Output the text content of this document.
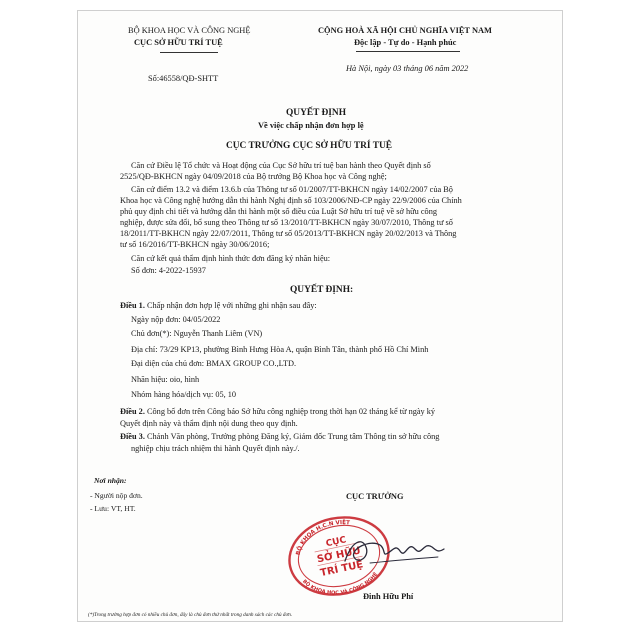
BỘ KHOA HỌC VÀ CÔNG NGHỆ
CỤC SỞ HỮU TRÍ TUỆ
Số:46558/QĐ-SHTT
CỘNG HOÀ XÃ HỘI CHỦ NGHĨA VIỆT NAM
Độc lập - Tự do - Hạnh phúc
Hà Nội, ngày 03 tháng 06 năm 2022
QUYẾT ĐỊNH
Về việc chấp nhận đơn hợp lệ
CỤC TRƯỞNG CỤC SỞ HỮU TRÍ TUỆ
Căn cứ Điều lệ Tổ chức và Hoạt động của Cục Sở hữu trí tuệ ban hành theo Quyết định số
2525/QĐ-BKHCN ngày 04/09/2018 của Bộ trưởng Bộ Khoa học và Công nghệ;
Căn cứ điểm 13.2 và điểm 13.6.b của Thông tư số 01/2007/TT-BKHCN ngày 14/02/2007 của Bộ
Khoa học và Công nghệ hướng dẫn thi hành Nghị định số 103/2006/NĐ-CP ngày 22/9/2006 của Chính
phủ quy định chi tiết và hướng dẫn thi hành một số điều của Luật Sở hữu trí tuệ về sở hữu công
nghiệp, được sửa đổi, bổ sung theo Thông tư số 13/2010/TT-BKHCN ngày 30/07/2010, Thông tư số
18/2011/TT-BKHCN ngày 22/07/2011, Thông tư số 05/2013/TT-BKHCN ngày 20/02/2013 và Thông
tư số 16/2016/TT-BKHCN ngày 30/06/2016;
Căn cứ kết quả thẩm định hình thức đơn đăng ký nhãn hiệu:
Số đơn: 4-2022-15937
QUYẾT ĐỊNH:
Điều 1. Chấp nhận đơn hợp lệ với những ghi nhận sau đây:
Ngày nộp đơn: 04/05/2022
Chủ đơn(*): Nguyễn Thanh Liêm (VN)
Địa chỉ: 73/29 KP13, phường Bình Hưng Hòa A, quận Bình Tân, thành phố Hồ Chí Minh
Đại diện của chủ đơn: BMAX GROUP CO.,LTD.
Nhãn hiệu: oio, hình
Nhóm hàng hóa/dịch vụ: 05, 10
Điều 2. Công bố đơn trên Công báo Sở hữu công nghiệp trong thời hạn 02 tháng kể từ ngày ký
Quyết định này và thẩm định nội dung theo quy định.
Điều 3. Chánh Văn phòng, Trưởng phòng Đăng ký, Giám đốc Trung tâm Thông tin sở hữu công
nghiệp chịu trách nhiệm thi hành Quyết định này./.
Nơi nhận:
- Người nộp đơn.
- Lưu: VT, HT.
CỤC TRƯỞNG
BỘ KHOA H.C.N VIỆT
BỘ KHOA HỌC VÀ CÔNG NGHỆ
CỤC
SỞ HỮU
TRÍ TUỆ
Đinh Hữu Phí
(*)Trong trường hợp đơn có nhiều chủ đơn, đây là chủ đơn thứ nhất trong danh sách các chủ đơn.
